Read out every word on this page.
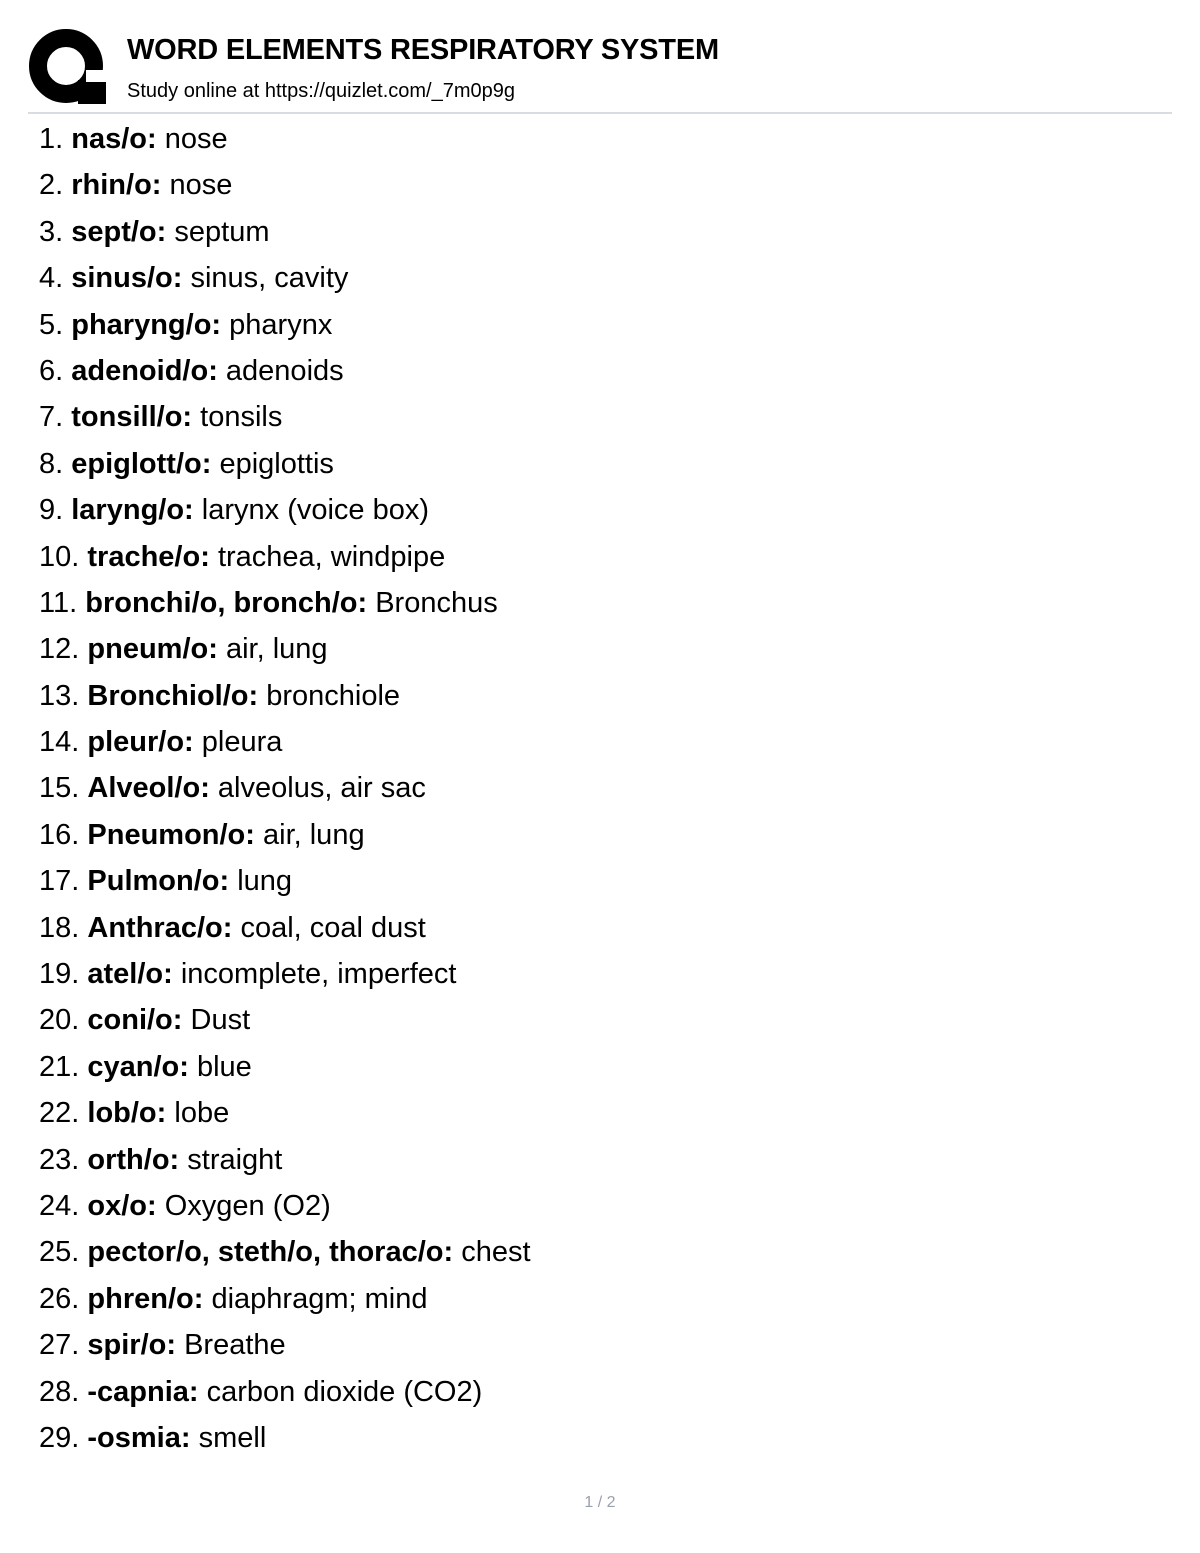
WORD ELEMENTS RESPIRATORY SYSTEM
Study online at https://quizlet.com/_7m0p9g
1. nas/o: nose
2. rhin/o: nose
3. sept/o: septum
4. sinus/o: sinus, cavity
5. pharyng/o: pharynx
6. adenoid/o: adenoids
7. tonsill/o: tonsils
8. epiglott/o: epiglottis
9. laryng/o: larynx (voice box)
10. trache/o: trachea, windpipe
11. bronchi/o, bronch/o: Bronchus
12. pneum/o: air, lung
13. Bronchiol/o: bronchiole
14. pleur/o: pleura
15. Alveol/o: alveolus, air sac
16. Pneumon/o: air, lung
17. Pulmon/o: lung
18. Anthrac/o: coal, coal dust
19. atel/o: incomplete, imperfect
20. coni/o: Dust
21. cyan/o: blue
22. lob/o: lobe
23. orth/o: straight
24. ox/o: Oxygen (O2)
25. pector/o, steth/o, thorac/o: chest
26. phren/o: diaphragm; mind
27. spir/o: Breathe
28. -capnia: carbon dioxide (CO2)
29. -osmia: smell
1 / 2
